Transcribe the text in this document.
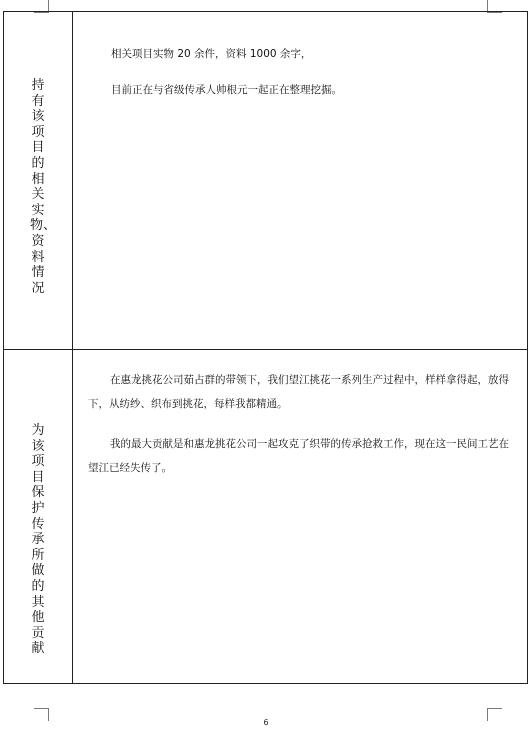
持有该项目的相关实物、资料情况

相关项目实物 20 余件，资料 1000 余字，

目前正在与省级传承人帅根元一起正在整理挖掘。

为该项目保护传承所做的其他贡献

在惠龙挑花公司茹占群的带领下，我们望江挑花一系列生产过程中，样样拿得起，放得下，从纺纱、织布到挑花，每样我都精通。

我的最大贡献是和惠龙挑花公司一起攻克了织带的传承抢救工作，现在这一民间工艺在望江已经失传了。

6
